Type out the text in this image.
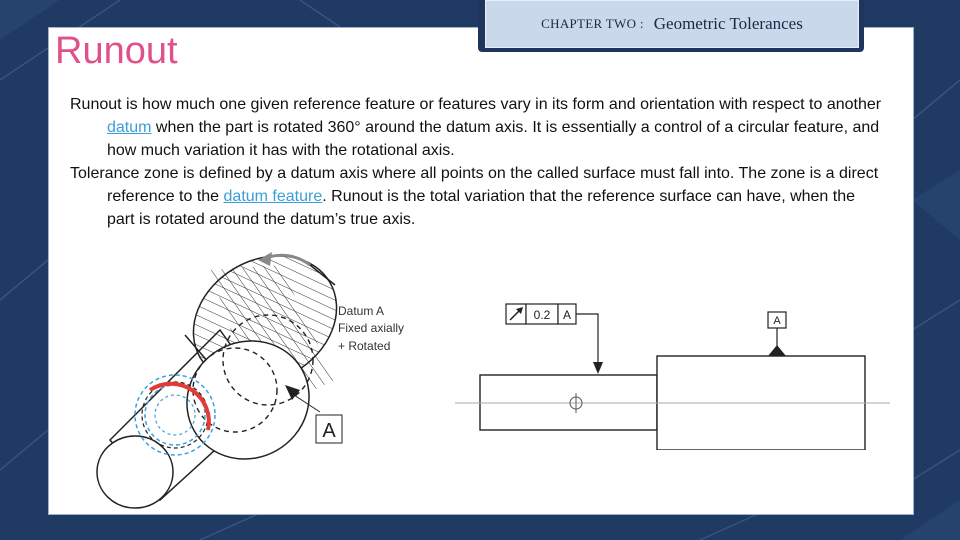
CHAPTER TWO : Geometric Tolerances
Runout

Runout is how much one given reference feature or features vary in its form and orientation with respect to another datum when the part is rotated 360° around the datum axis. It is essentially a control of a circular feature, and how much variation it has with the rotational axis.

Tolerance zone is defined by a datum axis where all points on the called surface must fall into. The zone is a direct reference to the datum feature. Runout is the total variation that the reference surface can have, when the part is rotated around the datum’s true axis.

A
Datum A
Fixed axially
+ Rotated
0.2 A	A
